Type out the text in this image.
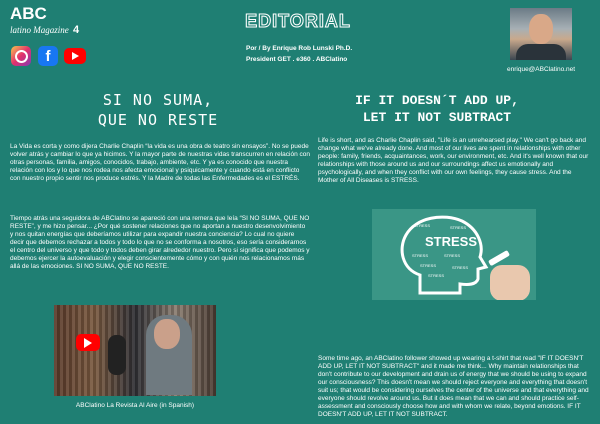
ABC
latino Magazine 4
f
EDITORIAL
Por / By Enrique Rob Lunski Ph.D.
President GET . e360 . ABClatino
enrique@ABClatino.net
SI NO SUMA,
QUE NO RESTE
IF IT DOESN´T ADD UP,
LET IT NOT SUBTRACT
La Vida es corta y como dijera Charlie Chaplin “la vida es una obra de teatro sin ensayos”. No se puede volver atrás y cambiar lo que ya hicimos. Y la mayor parte de nuestras vidas transcurren en relación con otras personas, familia, amigos, conocidos, trabajo, ambiente, etc. Y ya es conocido que nuestra relación con los y lo que nos rodea nos afecta emocional y psiquicamente y cuando está en conflicto con nuestro propio sentir nos produce estrés. Y la Madre de todas las Enfermedades es el ESTRÉS.
Tiempo atrás una seguidora de ABClatino se apareció con una remera que leía “SI NO SUMA, QUE NO RESTE”, y me hizo pensar... ¿Por qué sostener relaciones que no aportan a nuestro desenvolvimiento y nos quitan energías que deberíamos utilizar para expandir nuestra conciencia? Lo cual no quiere decir que debemos rechazar a todos y todo lo que no se conforma a nosotros, eso sería considerarnos el centro del universo y que todo y todos deben girar alrededor nuestro. Pero si significa que podemos y debemos ejercer la autoevaluación y elegir conscientemente cómo y con quién nos relacionamos más allá de las emociones. SI NO SUMA, QUE NO RESTE.
ABClatino La Revista Al Aire (in Spanish)
Life is short, and as Charlie Chaplin said, "Life is an unrehearsed play." We can't go back and change what we've already done. And most of our lives are spent in relationships with other people: family, friends, acquaintances, work, our environment, etc. And it's well known that our relationships with those around us and our surroundings affect us emotionally and psychologically, and when they conflict with our own feelings, they cause stress. And the Mother of All Diseases is STRESS.
STRESS
STRESS	STRESS
STRESS	STRESS
STRESS	STRESS
STRESS
Some time ago, an ABClatino follower showed up wearing a t-shirt that read "IF IT DOESN'T ADD UP, LET IT NOT SUBTRACT" and it made me think... Why maintain relationships that don't contribute to our development and drain us of energy that we should be using to expand our consciousness? This doesn't mean we should reject everyone and everything that doesn't suit us; that would be considering ourselves the center of the universe and that everything and everyone should revolve around us. But it does mean that we can and should practice self-assessment and consciously choose how and with whom we relate, beyond emotions. IF IT DOESN'T ADD UP, LET IT NOT SUBTRACT.
